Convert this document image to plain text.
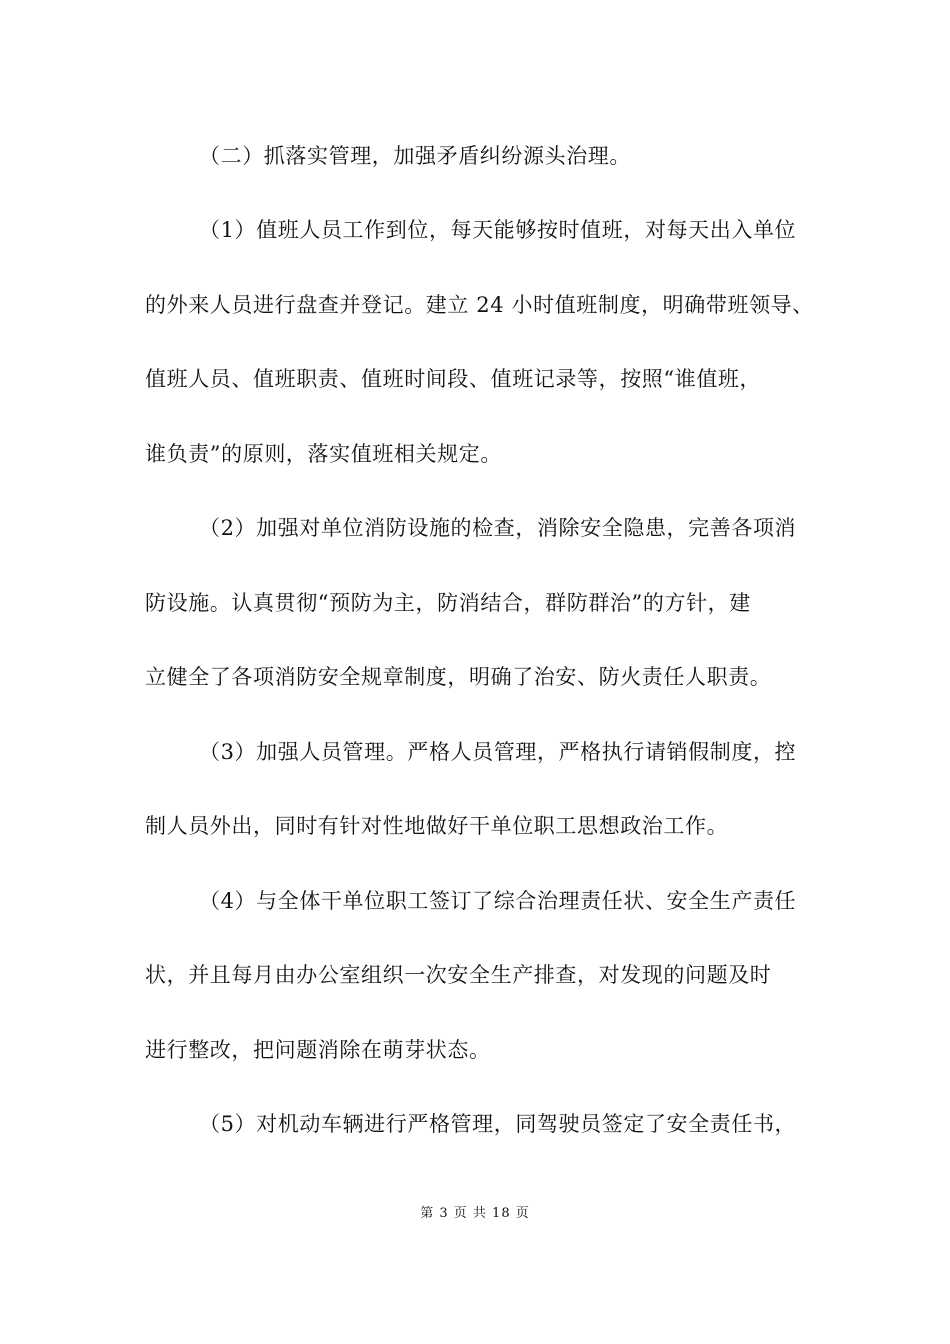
（二）抓落实管理，加强矛盾纠纷源头治理。
（1）值班人员工作到位，每天能够按时值班，对每天出入单位
的外来人员进行盘查并登记。建立 24 小时值班制度，明确带班领导、
值班人员、值班职责、值班时间段、值班记录等，按照“谁值班，
谁负责”的原则，落实值班相关规定。
（2）加强对单位消防设施的检查，消除安全隐患，完善各项消
防设施。认真贯彻“预防为主，防消结合，群防群治”的方针，建
立健全了各项消防安全规章制度，明确了治安、防火责任人职责。
（3）加强人员管理。严格人员管理，严格执行请销假制度，控
制人员外出，同时有针对性地做好干单位职工思想政治工作。
（4）与全体干单位职工签订了综合治理责任状、安全生产责任
状，并且每月由办公室组织一次安全生产排查，对发现的问题及时
进行整改，把问题消除在萌芽状态。
（5）对机动车辆进行严格管理，同驾驶员签定了安全责任书，
第 3 页 共 18 页
